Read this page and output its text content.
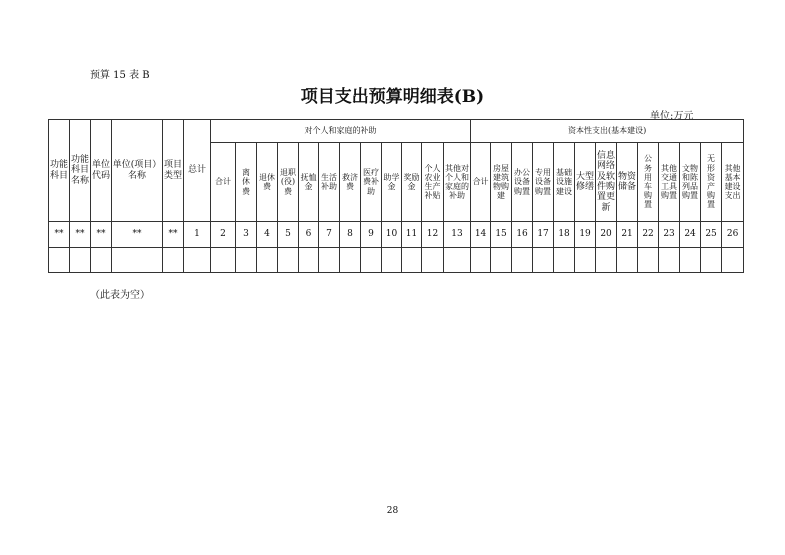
预算 15 表 B
项目支出预算明细表(B)
单位:万元
功能科目	功能科目名称	单位代码	单位(项目）名称	项目类型	总计	对个人和家庭的补助												资本性支出(基本建设)												
						合计	离休费	退休费	退职(役)费	抚恤金	生活补助	救济费	医疗费补助	助学金	奖励金	个人农业生产补贴	其他对个人和家庭的补助	合计	房屋建筑物购建	办公设备购置	专用设备购置	基础设施建设	大型修缮	信息网络及软件购置更新	物资储备	公务用车购置	其他交通工具购置	文物和陈列品购置	无形资产购置	其他基本建设支出
**	**	**	**	**	1	2	3	4	5	6	7	8	9	10	11	12	13	14	15	16	17	18	19	20	21	22	23	24	25	26

（此表为空）
28
